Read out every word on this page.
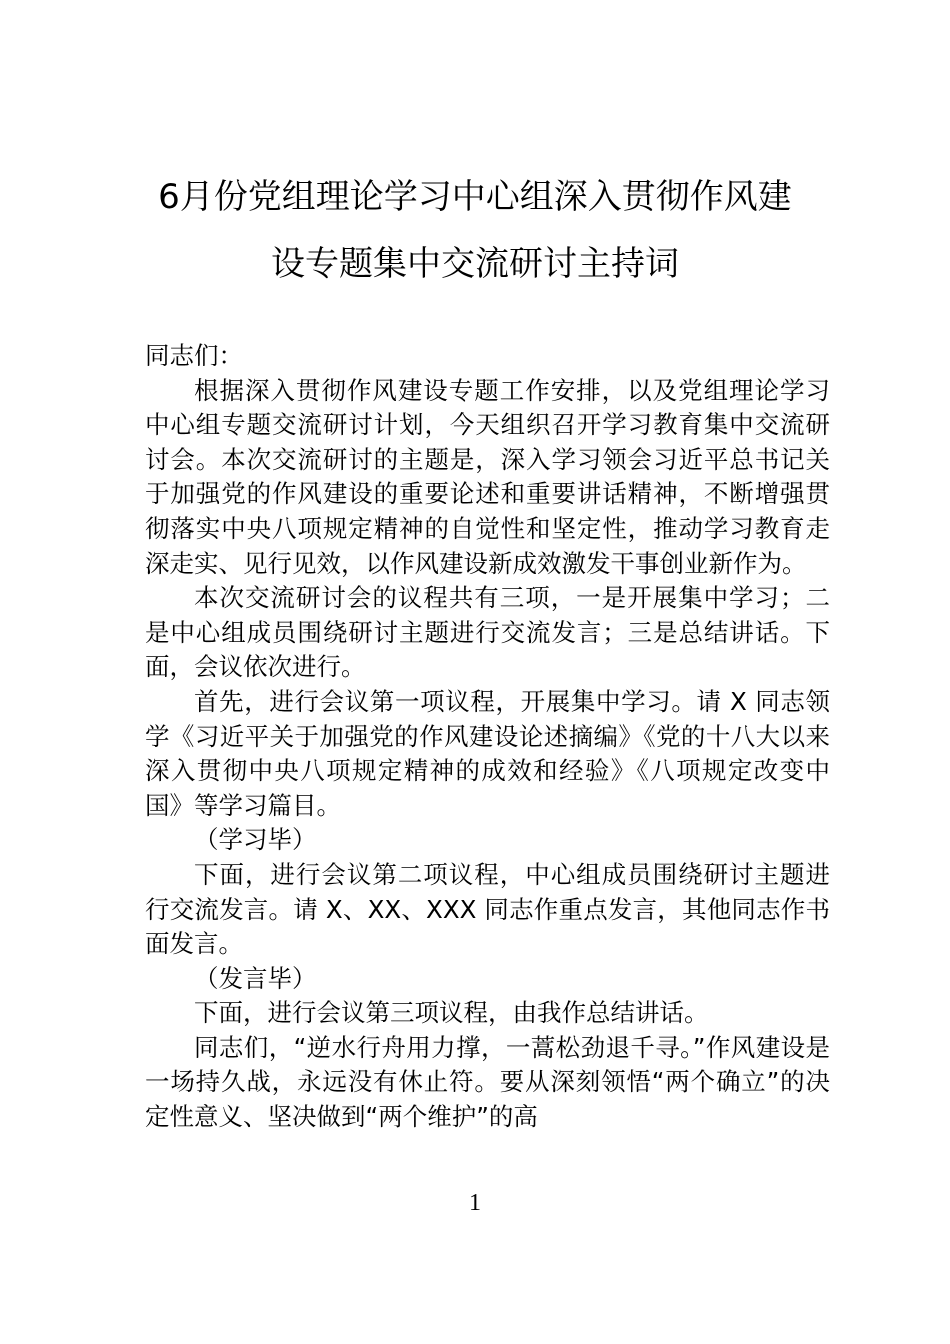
6月份党组理论学习中心组深入贯彻作风建
设专题集中交流研讨主持词

同志们：

根据深入贯彻作风建设专题工作安排，以及党组理论学习中心组专题交流研讨计划，今天组织召开学习教育集中交流研讨会。本次交流研讨的主题是，深入学习领会习近平总书记关于加强党的作风建设的重要论述和重要讲话精神，不断增强贯彻落实中央八项规定精神的自觉性和坚定性，推动学习教育走深走实、见行见效，以作风建设新成效激发干事创业新作为。

本次交流研讨会的议程共有三项，一是开展集中学习；二是中心组成员围绕研讨主题进行交流发言；三是总结讲话。下面，会议依次进行。

首先，进行会议第一项议程，开展集中学习。请 X 同志领学《习近平关于加强党的作风建设论述摘编》《党的十八大以来深入贯彻中央八项规定精神的成效和经验》《八项规定改变中国》等学习篇目。

（学习毕）

下面，进行会议第二项议程，中心组成员围绕研讨主题进行交流发言。请 X、XX、XXX 同志作重点发言，其他同志作书面发言。

（发言毕）

下面，进行会议第三项议程，由我作总结讲话。

同志们，“逆水行舟用力撑，一蒿松劲退千寻。”作风建设是一场持久战，永远没有休止符。要从深刻领悟“两个确立”的决定性意义、坚决做到“两个维护”的高

1
